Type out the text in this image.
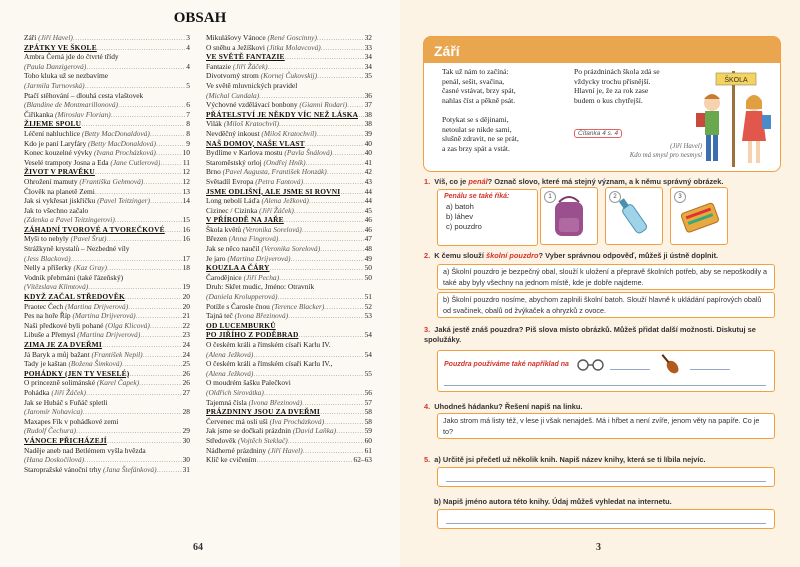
OBSAH
Září (Jiří Havel) .....	3
ZPÁTKY VE ŠKOLE .....	4
Ambra Černá jde do čtvrté třídy
(Paula Danzigerová) .....	4
Toho klukа už se nezbavíme
(Jarmila Turnovská) .....	5
Ptačí stěhování – dlouhá cesta vlaštovek
(Blandine de Montmarillonová) .....	6
Čiřikanka (Miroslav Florian) .....	7
ŽIJEME SPOLU .....	8
Léčení nahluchlice (Betty MacDonaldová) .....	8
Kdo je paní Laryfáry (Betty MacDonaldová) .....	9
Konec kouzelné vývky (Ivana Procházková) .....	10
Veselé trampoty Josna a Eda (Jane Cutlerová) .....	11
ŽIVOT V PRAVĚKU .....	12
Ohrožení mamuty (Františka Gehmová) .....	12
Člověk na planetě Zemi .....	13
Jak si vykřesat jiskřičku (Pavel Teitzinger) .....	14
Jak to všechno začalo
(Zdenka a Pavel Teitzingerovi) .....	15
ZÁHADNÍ TVOROVÉ A TVOREČKOVÉ ..... 16
Myši to nebyly (Pavel Šrut) .....	16
Strážkyně krystalů – Nezbedné víly
(Jess Blacková) .....	17
Nelly a příšerky (Kaz Gray) .....	18
Vodník přebrnáni (také ľázeňský)
(Vítězslava Klimtová) .....	19
KDYŽ ZAČAL STŘEDOVĚK .....	20
Praotec Čech (Martina Drijverová) .....	20
Pes na hoře Říp (Martina Drijverová) .....	21
Naši předkové byli pohané (Olga Klicová) .....	22
Libuše a Přemysl (Martina Drijverová) .....	23
ZIMA JE ZA DVEŘMI .....	24
Já Baryk a můj bažant (František Nepil) .....	24
Tady je kaštan (Božena Šimková) .....	25
POHÁDKY (JEN TY VESELÉ) .....	26
O princezně solimánské (Karel Čapek) .....	26
Pohádka (Jiří Žáček) .....	27
Jak se Hubáč s Fuňáč spletli
(Jaromír Nohavica) .....	28
Maxapes Fík v pohádkové zemi
(Rudolf Čechura) .....	29
VÁNOCE PŘICHÁZEJÍ .....	30
Naděje aneb nad Betlémem vyšla hvězda
(Hana Doskočilová) .....	30
Staropražské vánoční trhy (Jana Štefánková) .....	31
Mikulášovy Vánoce (René Goscinny) .....	32
O sněhu a Ježíškovi (Jitka Molavcová) .....	33
VE SVĚTĚ FANTAZIE .....	34
Fantazie (Jiří Žáček) .....	34
Divotvorný strom (Kornej Čukovskij) .....	35
Ve světě mluvnických pravidel
(Michal Cundala) .....	36
Výchovné vzdělávací bonbony (Gianni Rodari) ..... 37
PŘÁTELSTVÍ JE NĚKDY VÍC NEŽ LÁSKA ..... 38
Vilák (Miloš Kratochvíl) .....	38
Nevděčný inkoust (Miloš Kratochvíl) .....	39
NAŠ DOMOV, NAŠE VLAST .....	40
Bydlíme v Karlova mostu (Pavla Šnálová) .....	40
Staroměstský orloj (Ondřej Hník) .....	41
Brno (Pavel Augusta, František Honzák) .....	42
Světadíl Evropa (Petra Fantová) .....	43
JSME ODLIŠNÍ, ALE JSME SI ROVNI .....	44
Long nebolí Láďa (Alena Ježková) .....	44
Cizinec / Cizinka (Jiří Žáček) .....	45
V PŘÍRODĚ NA JAŘE .....	46
Škola květů (Veronika Sorelová) .....	46
Březen (Anna Fingrová) .....	47
Jak se něco naučil (Veronika Sorelová) .....	48
Je jaro (Martina Drijverová) .....	49
KOUZLA A ČÁRY .....	50
Čarodějnice (Jiří Pecha) .....	50
Druh: Skřet mudic, Jméno: Otravník
(Daniela Krolupperová) .....	51
Potíže s Čarosle čnou (Terence Blacker) .....	52
Tajná teč (Ivona Březinová) .....	53
OD LUCEMBURKŮ
PO JIŘÍHO Z PODĚBRAD .....	54
O českém králi a římském císaři Karlu IV.
(Alena Ježková) .....	54
O českém králi a římském císaři Karlu IV.,
(Alena Ježková) .....	55
O moudrém šašku Palečkovi
(Oldřich Sirovátka) .....	56
Tajemná čísla (Ivona Březinová) .....	57
PRÁZDNINY JSOU ZA DVEŘMI .....	58
Červenec má osli uši (Iva Procházková) .....	58
Jak jsme se dočkali prázdnin (David Laňka) .....	59
Středověk (Vojtěch Steklač) .....	60
Nádherné prázdniny (Jiří Havel) .....	61
Klíč ke cvičením .....	62–63
64
Září
Tak už nám to začíná:
penál, sešit, svačina,
časné vstávat, brzy spát,
nahlas číst a pěkně psát.

Potykat se s dějinami,
netoulat se nikde sami,
slušně zdravit, ne se prát,
a zas brzy spát a vstát.
Po prázdninách škola zdá se
vždycky trochu přísnější.
Hlavní je, že za rok zase
budem o kus chytřejší.
Čítanka 4 s. 4
(Jiří Havel)
Kdo má smysl pro nesmysl
ŠKOLA
1. Víš, co je penál? Označ slovo, které má stejný význam, a k němu správný obrázek.
Penálu se také říká:
a) batoh
b) láhev
c) pouzdro
1	2	3
2. K čemu slouží školní pouzdro? Vyber správnou odpověď, můžeš ji ústně doplnit.
a) Školní pouzdro je bezpečný obal, slouží k uložení a přepravě školních potřeb, aby se nepoškodily a také aby byly všechny na jednom místě, kde je dobře najdeme.
b) Školní pouzdro nosíme, abychom zaplnili školní batoh. Slouží hlavně k ukládání papírových obalů od svačinek, obalů od žvýkaček a ohryzků z ovoce.
3. Jaká jestě znáš pouzdra? Piš slova místo obrázků. Můžeš přidat další možnosti. Diskutuj se spolužáky.
Pouzdra používáme také například na
4. Uhodneš hádanku? Řešení napiš na linku.
Jako strom má listy též, v lese ji však nenajdeš. Má i hřbet a není zvíře, jenom věty na papíře. Co je to?
5. a) Určitě jsi přečetl už několik knih. Napiš název knihy, která se ti líbila nejvíc.
b) Napiš jméno autora této knihy. Údaj můžeš vyhledat na internetu.
3
